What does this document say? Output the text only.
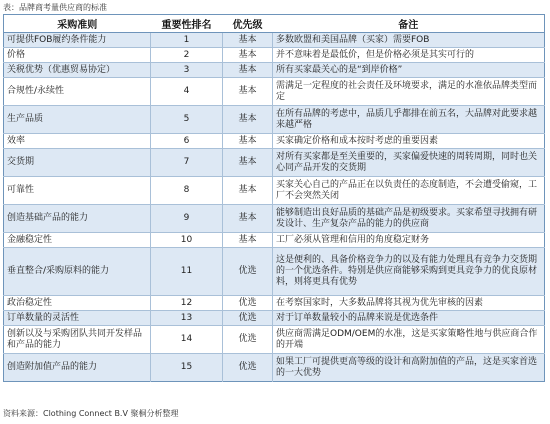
表：品牌商考量供应商的标准
采购准则	重要性排名	优先级	备注
可提供FOB履约条件能力	1	基本	多数欧盟和美国品牌（买家）需要FOB
价格	2	基本	并不意味着是最低价，但是价格必须是其实可行的
关税优势（优惠贸易协定）	3	基本	所有买家最关心的是“到岸价格”
合规性/永续性	4	基本	需满足一定程度的社会责任及环境要求，满足的水准依品牌类型而定
生产品质	5	基本	在所有品牌的考虑中，品质几乎都排在前五名，大品牌对此要求越来越严格
效率	6	基本	买家确定价格和成本按时考虑的重要因素
交货期	7	基本	对所有买家都是至关重要的，买家偏爱快速的周转周期，同时也关心同产品开发的交货期
可靠性	8	基本	买家关心自己的产品正在以负责任的态度制造，不会遭受偷窥，工厂不会突然关闭
创造基础产品的能力	9	基本	能够制造出良好品质的基础产品是初级要求。买家希望寻找拥有研发设计、生产复杂产品的能力的供应商
金融稳定性	10	基本	工厂必须从管理和信用的角度稳定财务
垂直整合/采购原料的能力	11	优选	这是便利的、具备价格竞争力的以及有能力处理具有竞争力交货期的一个优选条件。特别是供应商能够采购到更具竞争力的优良原材料，则将更具有优势
政治稳定性	12	优选	在考察国家时，大多数品牌将其视为优先审核的因素
订单数量的灵活性	13	优选	对于订单数量较小的品牌来说是优选条件
创新以及与采购团队共同开发样品和产品的能力	14	优选	供应商需满足ODM/OEM的水准，这是买家策略性地与供应商合作的开端
创造附加值产品的能力	15	优选	如果工厂可提供更高等级的设计和高附加值的产品，这是买家首选的一大优势
资料来源：Clothing Connect B.V 聚桐分析整理
